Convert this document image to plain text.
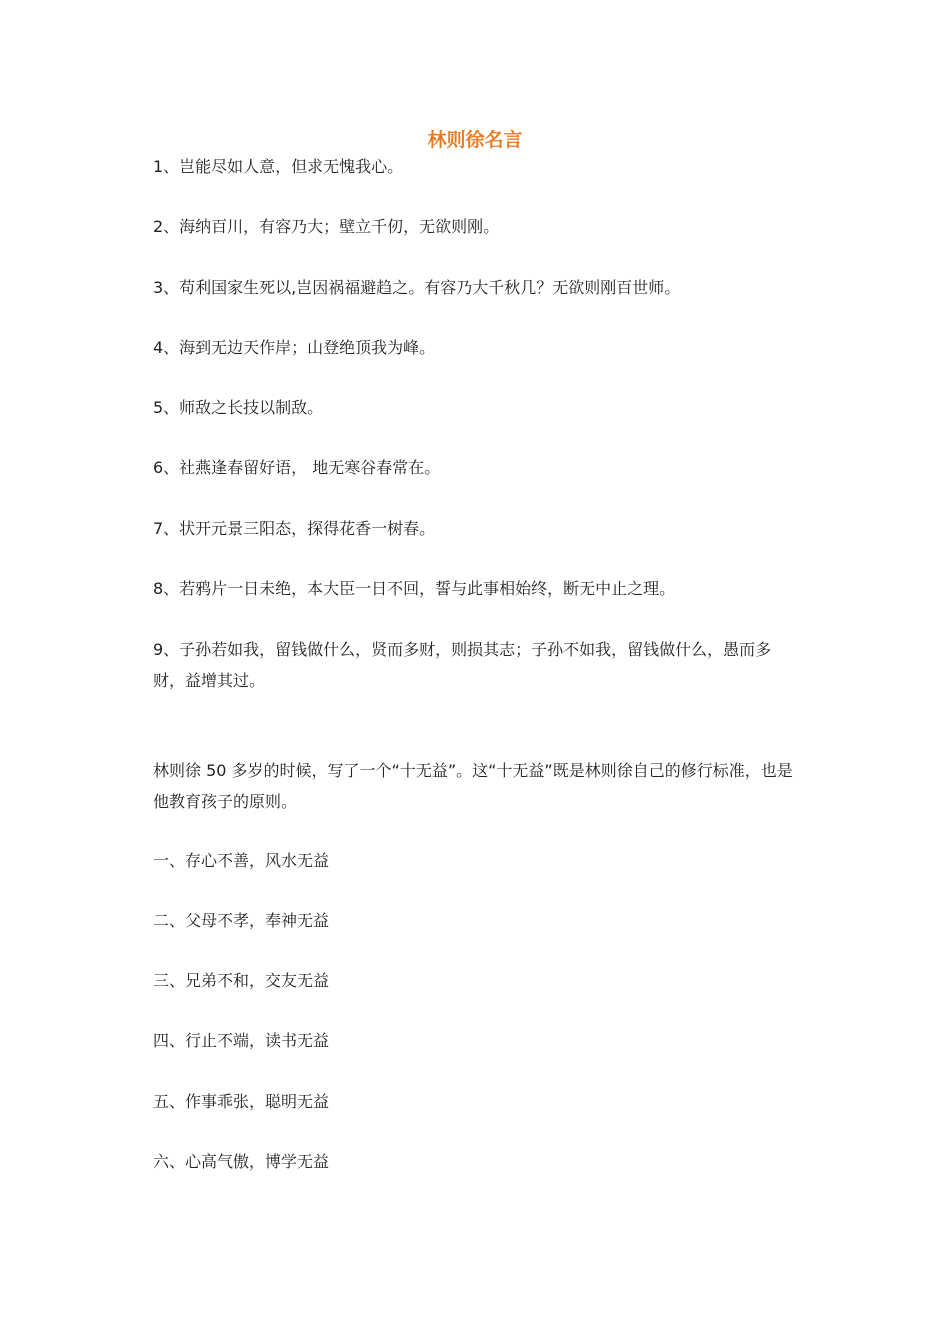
林则徐名言

1、岂能尽如人意，但求无愧我心。

2、海纳百川，有容乃大；壁立千仞，无欲则刚。

3、苟利国家生死以,岂因祸福避趋之。有容乃大千秋几？无欲则刚百世师。

4、海到无边天作岸；山登绝顶我为峰。

5、师敌之长技以制敌。

6、社燕逢春留好语， 地无寒谷春常在。

7、状开元景三阳态，探得花香一树春。

8、若鸦片一日未绝，本大臣一日不回，誓与此事相始终，断无中止之理。

9、子孙若如我，留钱做什么，贤而多财，则损其志；子孙不如我，留钱做什么，愚而多财，益增其过。

林则徐 50 多岁的时候，写了一个“十无益”。这“十无益”既是林则徐自己的修行标准，也是他教育孩子的原则。

一、存心不善，风水无益

二、父母不孝，奉神无益

三、兄弟不和，交友无益

四、行止不端，读书无益

五、作事乖张，聪明无益

六、心高气傲，博学无益
